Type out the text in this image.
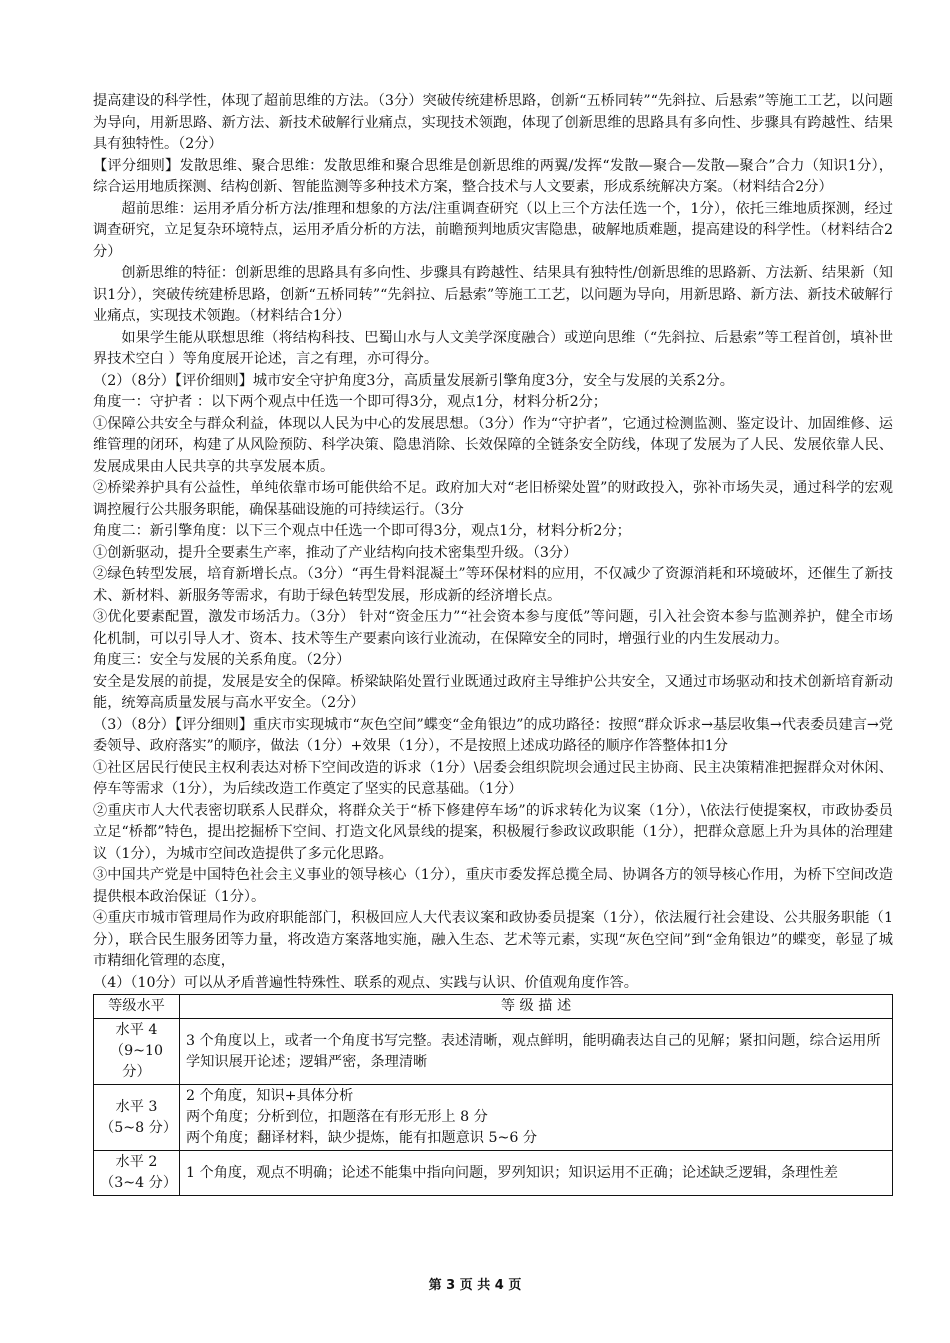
提高建设的科学性，体现了超前思维的方法。（3分）突破传统建桥思路，创新“五桥同转”“先斜拉、后悬索”等施工工艺，以问题为导向，用新思路、新方法、新技术破解行业痛点，实现技术领跑，体现了创新思维的思路具有多向性、步骤具有跨越性、结果具有独特性。（2分）

【评分细则】发散思维、聚合思维：发散思维和聚合思维是创新思维的两翼/发挥“发散—聚合—发散—聚合”合力（知识1分），综合运用地质探测、结构创新、智能监测等多种技术方案，整合技术与人文要素，形成系统解决方案。（材料结合2分）

超前思维：运用矛盾分析方法/推理和想象的方法/注重调查研究（以上三个方法任选一个，1分），依托三维地质探测，经过调查研究，立足复杂环境特点，运用矛盾分析的方法，前瞻预判地质灾害隐患，破解地质难题，提高建设的科学性。（材料结合2分）

创新思维的特征：创新思维的思路具有多向性、步骤具有跨越性、结果具有独特性/创新思维的思路新、方法新、结果新（知识1分），突破传统建桥思路，创新“五桥同转”“先斜拉、后悬索”等施工工艺，以问题为导向，用新思路、新方法、新技术破解行业痛点，实现技术领跑。（材料结合1分）

如果学生能从联想思维（将结构科技、巴蜀山水与人文美学深度融合）或逆向思维（“先斜拉、后悬索”等工程首创，填补世界技术空白 ）等角度展开论述，言之有理，亦可得分。

（2）（8分）【评价细则】城市安全守护角度3分，高质量发展新引擎角度3分，安全与发展的关系2分。

角度一：守护者 ：以下两个观点中任选一个即可得3分，观点1分，材料分析2分；

①保障公共安全与群众利益，体现以人民为中心的发展思想。（3分）作为“守护者”，它通过检测监测、鉴定设计、加固维修、运维管理的闭环，构建了从风险预防、科学决策、隐患消除、长效保障的全链条安全防线，体现了发展为了人民、发展依靠人民、发展成果由人民共享的共享发展本质。

②桥梁养护具有公益性，单纯依靠市场可能供给不足。政府加大对“老旧桥梁处置”的财政投入，弥补市场失灵，通过科学的宏观调控履行公共服务职能，确保基础设施的可持续运行。（3分

角度二：新引擎角度：以下三个观点中任选一个即可得3分，观点1分，材料分析2分；

①创新驱动，提升全要素生产率，推动了产业结构向技术密集型升级。（3分）

②绿色转型发展，培育新增长点。（3分）“再生骨料混凝土”等环保材料的应用，不仅减少了资源消耗和环境破坏，还催生了新技术、新材料、新服务等需求，有助于绿色转型发展，形成新的经济增长点。

③优化要素配置，激发市场活力。（3分） 针对“资金压力”“社会资本参与度低”等问题，引入社会资本参与监测养护，健全市场化机制，可以引导人才、资本、技术等生产要素向该行业流动，在保障安全的同时，增强行业的内生发展动力。

角度三：安全与发展的关系角度。（2分）

安全是发展的前提，发展是安全的保障。桥梁缺陷处置行业既通过政府主导维护公共安全，又通过市场驱动和技术创新培育新动能，统筹高质量发展与高水平安全。（2分）

（3）（8分）【评分细则】重庆市实现城市“灰色空间”蝶变“金角银边”的成功路径：按照“群众诉求→基层收集→代表委员建言→党委领导、政府落实”的顺序，做法（1分）+效果（1分），不是按照上述成功路径的顺序作答整体扣1分

①社区居民行使民主权利表达对桥下空间改造的诉求（1分）\居委会组织院坝会通过民主协商、民主决策精准把握群众对休闲、停车等需求（1分），为后续改造工作奠定了坚实的民意基础。（1分）

②重庆市人大代表密切联系人民群众，将群众关于“桥下修建停车场”的诉求转化为议案（1分），\依法行使提案权，市政协委员立足“桥都”特色，提出挖掘桥下空间、打造文化风景线的提案，积极履行参政议政职能（1分），把群众意愿上升为具体的治理建议（1分），为城市空间改造提供了多元化思路。

③中国共产党是中国特色社会主义事业的领导核心（1分），重庆市委发挥总揽全局、协调各方的领导核心作用，为桥下空间改造提供根本政治保证（1分）。

④重庆市城市管理局作为政府职能部门，积极回应人大代表议案和政协委员提案（1分），依法履行社会建设、公共服务职能（1分），联合民生服务团等力量，将改造方案落地实施，融入生态、艺术等元素，实现“灰色空间”到“金角银边”的蝶变，彰显了城市精细化管理的态度，

（4）（10分）可以从矛盾普遍性特殊性、联系的观点、实践与认识、价值观角度作答。

等级水平	等 级 描 述

水平 4
（9~10 分）	3 个角度以上，或者一个角度书写完整。表述清晰，观点鲜明，能明确表达自己的见解；紧扣问题，综合运用所学知识展开论述；逻辑严密，条理清晰

水平 3
（5~8 分）	2 个角度，知识+具体分析
两个角度；分析到位，扣题落在有形无形上 8 分
两个角度；翻译材料，缺少提炼，能有扣题意识 5~6 分

水平 2
（3~4 分）	1 个角度，观点不明确；论述不能集中指向问题，罗列知识；知识运用不正确；论述缺乏逻辑，条理性差
第 3 页 共 4 页
